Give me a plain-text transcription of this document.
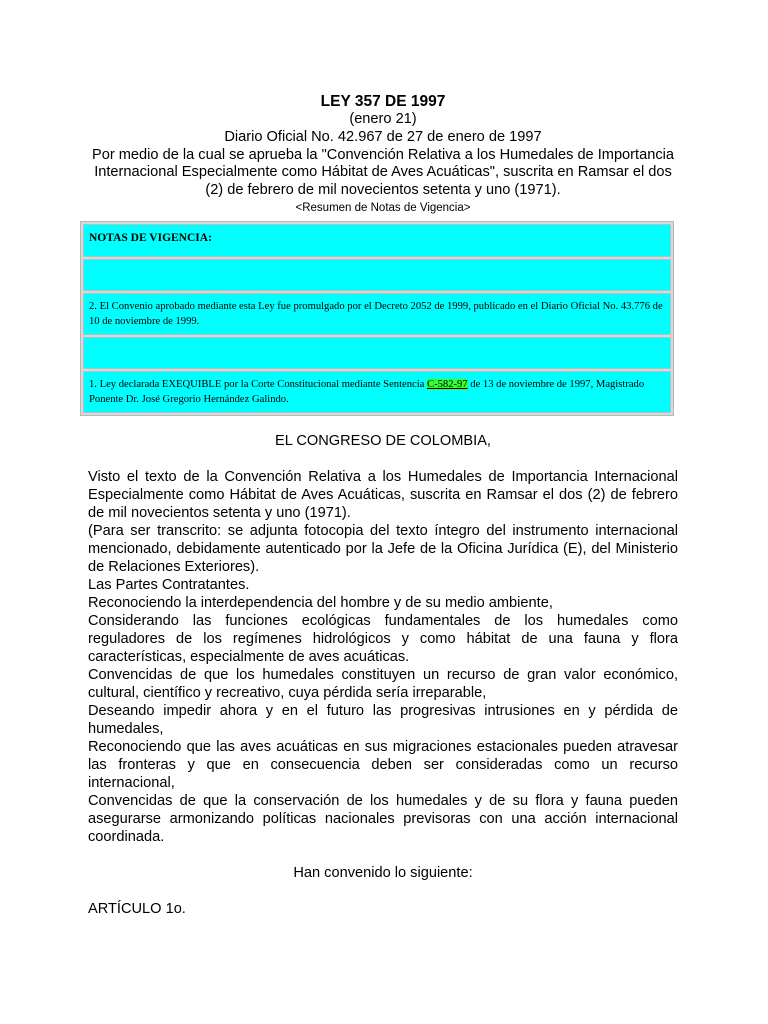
LEY 357 DE 1997
(enero 21)
Diario Oficial No. 42.967 de 27 de enero de 1997
Por medio de la cual se aprueba la "Convención Relativa a los Humedales de Importancia Internacional Especialmente como Hábitat de Aves Acuáticas", suscrita en Ramsar el dos (2) de febrero de mil novecientos setenta y uno (1971).
<Resumen de Notas de Vigencia>
NOTAS DE VIGENCIA:

2. El Convenio aprobado mediante esta Ley fue promulgado por el Decreto 2052 de 1999, publicado en el Diario Oficial No. 43.776 de 10 de noviembre de 1999.

1. Ley declarada EXEQUIBLE por la Corte Constitucional mediante Sentencia C-582-97 de 13 de noviembre de 1997, Magistrado Ponente Dr. José Gregorio Hernández Galindo.
EL CONGRESO DE COLOMBIA,

Visto el texto de la Convención Relativa a los Humedales de Importancia Internacional Especialmente como Hábitat de Aves Acuáticas, suscrita en Ramsar el dos (2) de febrero de mil novecientos setenta y uno (1971).

(Para ser transcrito: se adjunta fotocopia del texto íntegro del instrumento internacional mencionado, debidamente autenticado por la Jefe de la Oficina Jurídica (E), del Ministerio de Relaciones Exteriores).

Las Partes Contratantes.

Reconociendo la interdependencia del hombre y de su medio ambiente,

Considerando las funciones ecológicas fundamentales de los humedales como reguladores de los regímenes hidrológicos y como hábitat de una fauna y flora características, especialmente de aves acuáticas.

Convencidas de que los humedales constituyen un recurso de gran valor económico, cultural, científico y recreativo, cuya pérdida sería irreparable,

Deseando impedir ahora y en el futuro las progresivas intrusiones en y pérdida de humedales,

Reconociendo que las aves acuáticas en sus migraciones estacionales pueden atravesar las fronteras y que en consecuencia deben ser consideradas como un recurso internacional,

Convencidas de que la conservación de los humedales y de su flora y fauna pueden asegurarse armonizando políticas nacionales previsoras con una acción internacional coordinada.

Han convenido lo siguiente:
ARTÍCULO 1o.
